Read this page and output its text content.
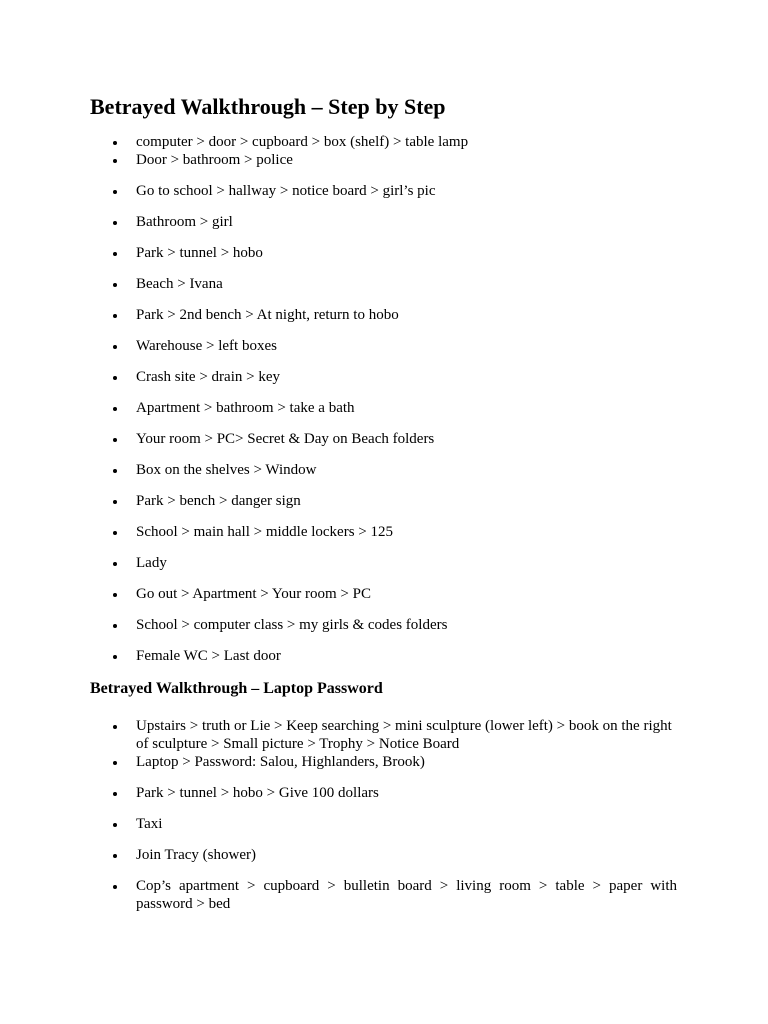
Betrayed Walkthrough – Step by Step
computer > door > cupboard > box (shelf) > table lamp
Door > bathroom > police
Go to school > hallway > notice board > girl’s pic
Bathroom > girl
Park > tunnel > hobo
Beach > Ivana
Park > 2nd bench > At night, return to hobo
Warehouse > left boxes
Crash site > drain > key
Apartment > bathroom > take a bath
Your room > PC> Secret & Day on Beach folders
Box on the shelves > Window
Park > bench > danger sign
School > main hall > middle lockers > 125
Lady
Go out > Apartment > Your room > PC
School > computer class > my girls & codes folders
Female WC > Last door
Betrayed Walkthrough – Laptop Password
Upstairs > truth or Lie > Keep searching > mini sculpture (lower left) > book on the right of sculpture > Small picture > Trophy > Notice Board
Laptop > Password: Salou, Highlanders, Brook)
Park > tunnel > hobo > Give 100 dollars
Taxi
Join Tracy (shower)
Cop’s apartment > cupboard > bulletin board > living room > table > paper with password > bed
